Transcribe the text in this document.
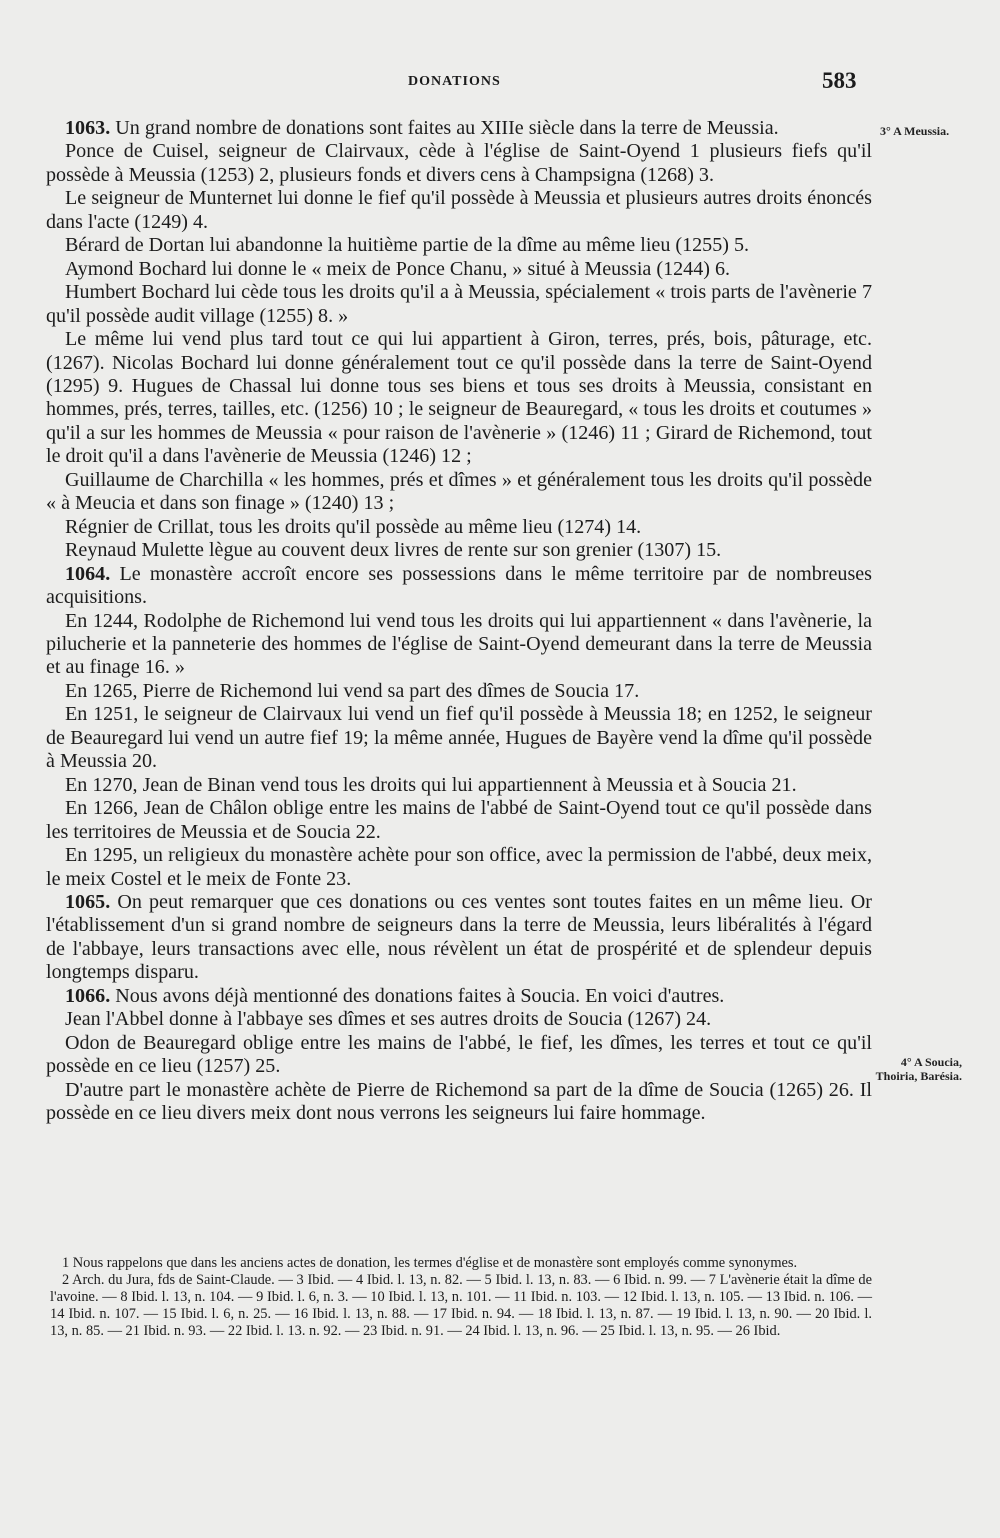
DONATIONS	583
3° A Meussia.
4° A Soucia, Thoiria, Barésia.

1063. Un grand nombre de donations sont faites au XIIIe siècle dans la terre de Meussia.

Ponce de Cuisel, seigneur de Clairvaux, cède à l'église de Saint-Oyend 1 plusieurs fiefs qu'il possède à Meussia (1253) 2, plusieurs fonds et divers cens à Champsigna (1268) 3.

Le seigneur de Munternet lui donne le fief qu'il possède à Meussia et plusieurs autres droits énoncés dans l'acte (1249) 4.

Bérard de Dortan lui abandonne la huitième partie de la dîme au même lieu (1255) 5.

Aymond Bochard lui donne le « meix de Ponce Chanu, » situé à Meussia (1244) 6.

Humbert Bochard lui cède tous les droits qu'il a à Meussia, spécialement « trois parts de l'avènerie 7 qu'il possède audit village (1255) 8. »

Le même lui vend plus tard tout ce qui lui appartient à Giron, terres, prés, bois, pâturage, etc. (1267). Nicolas Bochard lui donne généralement tout ce qu'il possède dans la terre de Saint-Oyend (1295) 9. Hugues de Chassal lui donne tous ses biens et tous ses droits à Meussia, consistant en hommes, prés, terres, tailles, etc. (1256) 10 ; le seigneur de Beauregard, « tous les droits et coutumes » qu'il a sur les hommes de Meussia « pour raison de l'avènerie » (1246) 11 ; Girard de Richemond, tout le droit qu'il a dans l'avènerie de Meussia (1246) 12 ;

Guillaume de Charchilla « les hommes, prés et dîmes » et généralement tous les droits qu'il possède « à Meucia et dans son finage » (1240) 13 ;

Régnier de Crillat, tous les droits qu'il possède au même lieu (1274) 14.

Reynaud Mulette lègue au couvent deux livres de rente sur son grenier (1307) 15.

1064. Le monastère accroît encore ses possessions dans le même territoire par de nombreuses acquisitions.

En 1244, Rodolphe de Richemond lui vend tous les droits qui lui appartiennent « dans l'avènerie, la pilucherie et la panneterie des hommes de l'église de Saint-Oyend demeurant dans la terre de Meussia et au finage 16. »

En 1265, Pierre de Richemond lui vend sa part des dîmes de Soucia 17.

En 1251, le seigneur de Clairvaux lui vend un fief qu'il possède à Meussia 18; en 1252, le seigneur de Beauregard lui vend un autre fief 19; la même année, Hugues de Bayère vend la dîme qu'il possède à Meussia 20.

En 1270, Jean de Binan vend tous les droits qui lui appartiennent à Meussia et à Soucia 21.

En 1266, Jean de Châlon oblige entre les mains de l'abbé de Saint-Oyend tout ce qu'il possède dans les territoires de Meussia et de Soucia 22.

En 1295, un religieux du monastère achète pour son office, avec la permission de l'abbé, deux meix, le meix Costel et le meix de Fonte 23.

1065. On peut remarquer que ces donations ou ces ventes sont toutes faites en un même lieu. Or l'établissement d'un si grand nombre de seigneurs dans la terre de Meussia, leurs libéralités à l'égard de l'abbaye, leurs transactions avec elle, nous révèlent un état de prospérité et de splendeur depuis longtemps disparu.

1066. Nous avons déjà mentionné des donations faites à Soucia. En voici d'autres.

Jean l'Abbel donne à l'abbaye ses dîmes et ses autres droits de Soucia (1267) 24.

Odon de Beauregard oblige entre les mains de l'abbé, le fief, les dîmes, les terres et tout ce qu'il possède en ce lieu (1257) 25.

D'autre part le monastère achète de Pierre de Richemond sa part de la dîme de Soucia (1265) 26. Il possède en ce lieu divers meix dont nous verrons les seigneurs lui faire hommage.

1 Nous rappelons que dans les anciens actes de donation, les termes d'église et de monastère sont employés comme synonymes.

2 Arch. du Jura, fds de Saint-Claude. — 3 Ibid. — 4 Ibid. l. 13, n. 82. — 5 Ibid. l. 13, n. 83. — 6 Ibid. n. 99. — 7 L'avènerie était la dîme de l'avoine. — 8 Ibid. l. 13, n. 104. — 9 Ibid. l. 6, n. 3. — 10 Ibid. l. 13, n. 101. — 11 Ibid. n. 103. — 12 Ibid. l. 13, n. 105. — 13 Ibid. n. 106. — 14 Ibid. n. 107. — 15 Ibid. l. 6, n. 25. — 16 Ibid. l. 13, n. 88. — 17 Ibid. n. 94. — 18 Ibid. l. 13, n. 87. — 19 Ibid. l. 13, n. 90. — 20 Ibid. l. 13, n. 85. — 21 Ibid. n. 93. — 22 Ibid. l. 13. n. 92. — 23 Ibid. n. 91. — 24 Ibid. l. 13, n. 96. — 25 Ibid. l. 13, n. 95. — 26 Ibid.
